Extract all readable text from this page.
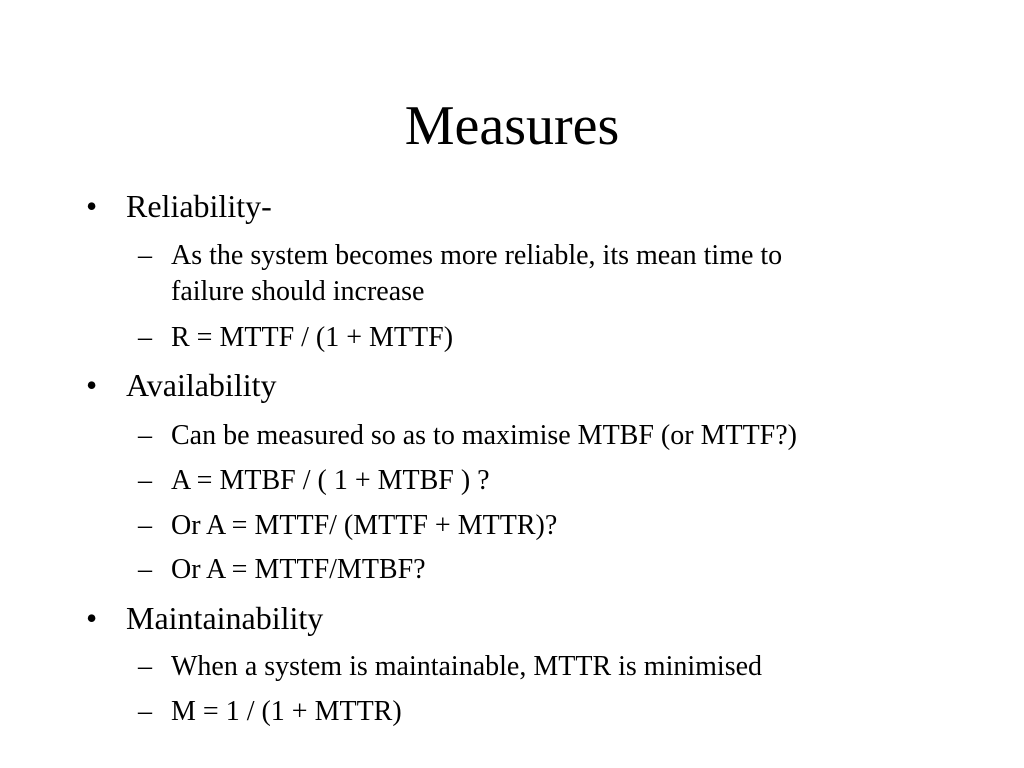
Measures
• Reliability-
– As the system becomes more reliable, its mean time to
failure should increase
– R = MTTF / (1 + MTTF)
• Availability
– Can be measured so as to maximise MTBF (or MTTF?)
– A = MTBF / ( 1 + MTBF ) ?
– Or A = MTTF/ (MTTF + MTTR)?
– Or A = MTTF/MTBF?
• Maintainability
– When a system is maintainable, MTTR is minimised
– M = 1 / (1 + MTTR)
